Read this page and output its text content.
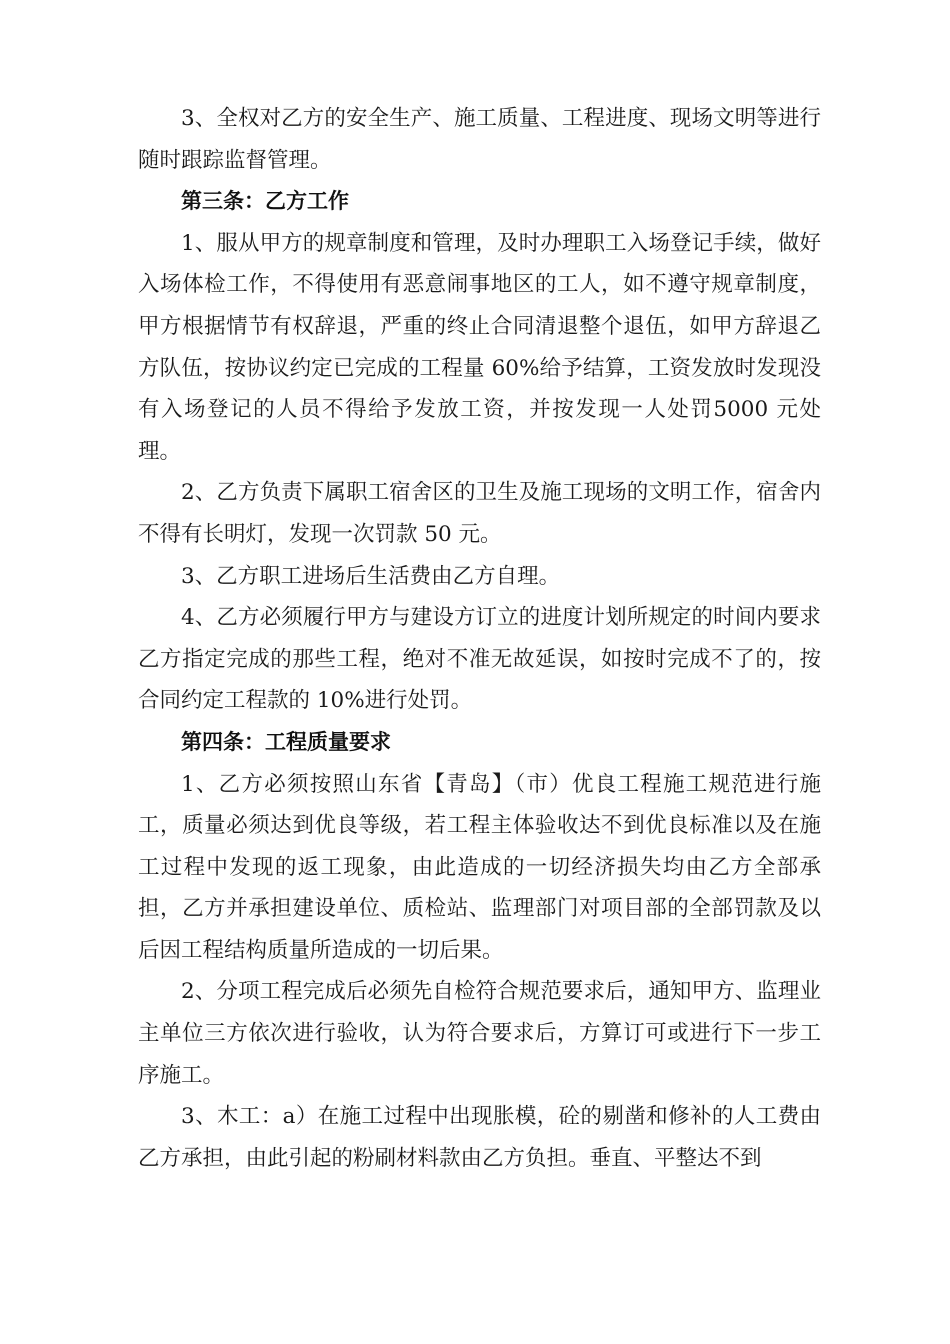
3、全权对乙方的安全生产、施工质量、工程进度、现场文明等进行随时跟踪监督管理。

第三条：乙方工作

1、服从甲方的规章制度和管理，及时办理职工入场登记手续，做好入场体检工作，不得使用有恶意闹事地区的工人，如不遵守规章制度，甲方根据情节有权辞退，严重的终止合同清退整个退伍，如甲方辞退乙方队伍，按协议约定已完成的工程量 60%给予结算，工资发放时发现没有入场登记的人员不得给予发放工资，并按发现一人处罚5000 元处理。

2、乙方负责下属职工宿舍区的卫生及施工现场的文明工作，宿舍内不得有长明灯，发现一次罚款 50 元。

3、乙方职工进场后生活费由乙方自理。

4、乙方必须履行甲方与建设方订立的进度计划所规定的时间内要求乙方指定完成的那些工程，绝对不准无故延误，如按时完成不了的，按合同约定工程款的 10%进行处罚。

第四条：工程质量要求

1、乙方必须按照山东省【青岛】（市）优良工程施工规范进行施工，质量必须达到优良等级，若工程主体验收达不到优良标准以及在施工过程中发现的返工现象，由此造成的一切经济损失均由乙方全部承担，乙方并承担建设单位、质检站、监理部门对项目部的全部罚款及以后因工程结构质量所造成的一切后果。

2、分项工程完成后必须先自检符合规范要求后，通知甲方、监理业主单位三方依次进行验收，认为符合要求后，方算订可或进行下一步工序施工。

3、木工：a）在施工过程中出现胀模，砼的剔凿和修补的人工费由乙方承担，由此引起的粉刷材料款由乙方负担。垂直、平整达不到
